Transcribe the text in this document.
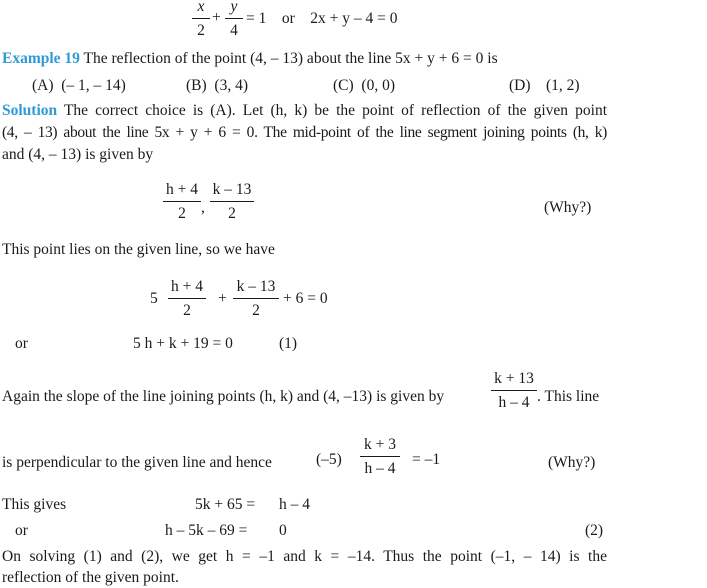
x
2
+
y
4
= 1    or    2x + y – 4 = 0
Example 19 The reflection of the point (4, – 13) about the line 5x + y + 6 = 0 is
(A)  (– 1, – 14)	(B)  (3, 4)	(C)  (0, 0)	(D)    (1, 2)
Solution The correct choice is (A). Let (h, k) be the point of reflection of the given point
(4, – 13) about the line 5x + y + 6 = 0. The mid-point of the line segment joining points (h, k)
and (4, – 13) is given by
h + 4
2 ,
k – 13
2	(Why?)
This point lies on the given line, so we have
5
h + 4
2
+
k – 13
2
+ 6 = 0
or	5 h + k + 19 = 0	(1)
Again the slope of the line joining points (h, k) and (4, –13) is given by
k + 13
h – 4 . This line
is perpendicular to the given line and hence	(–5)
k + 3
h – 4
= –1	(Why?)
This gives	5k + 65 = h – 4
or	h – 5k – 69 = 0	(2)
On solving (1) and (2), we get h = –1 and k = –14. Thus the point (–1, – 14) is the
reflection of the given point.
